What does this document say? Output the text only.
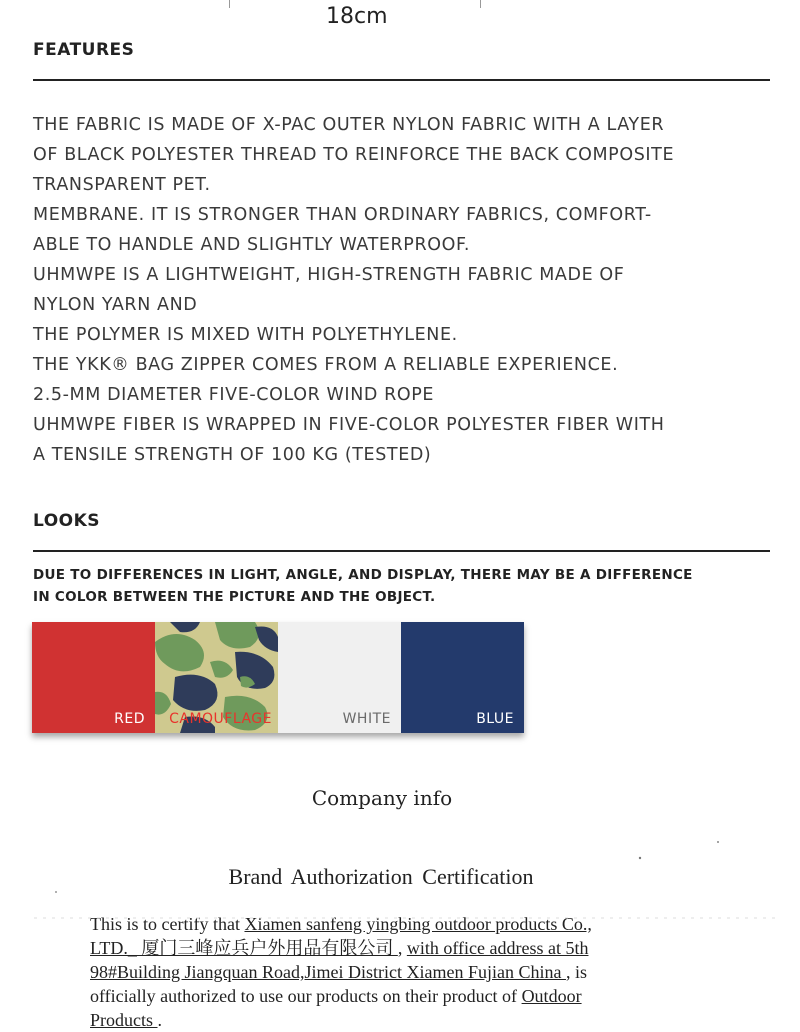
18cm
FEATURES
THE FABRIC IS MADE OF X-PAC OUTER NYLON FABRIC WITH A LAYER
OF BLACK POLYESTER THREAD TO REINFORCE THE BACK COMPOSITE
TRANSPARENT PET.
MEMBRANE. IT IS STRONGER THAN ORDINARY FABRICS, COMFORT-
ABLE TO HANDLE AND SLIGHTLY WATERPROOF.
UHMWPE IS A LIGHTWEIGHT, HIGH-STRENGTH FABRIC MADE OF
NYLON YARN AND
THE POLYMER IS MIXED WITH POLYETHYLENE.
THE YKK® BAG ZIPPER COMES FROM A RELIABLE EXPERIENCE.
2.5-MM DIAMETER FIVE-COLOR WIND ROPE
UHMWPE FIBER IS WRAPPED IN FIVE-COLOR POLYESTER FIBER WITH
A TENSILE STRENGTH OF 100 KG (TESTED)
LOOKS
DUE TO DIFFERENCES IN LIGHT, ANGLE, AND DISPLAY, THERE MAY BE A DIFFERENCE
IN COLOR BETWEEN THE PICTURE AND THE OBJECT.
RED CAMOUFLAGE	WHITE	BLUE
Company info
Brand Authorization Certification
This is to certify that Xiamen sanfeng yingbing outdoor products Co.,
LTD._ 厦门三峰应兵户外用品有限公司 , with office address at 5th
98#Building Jiangquan Road,Jimei District Xiamen Fujian China , is
officially authorized to use our products on their product of Outdoor
Products .
